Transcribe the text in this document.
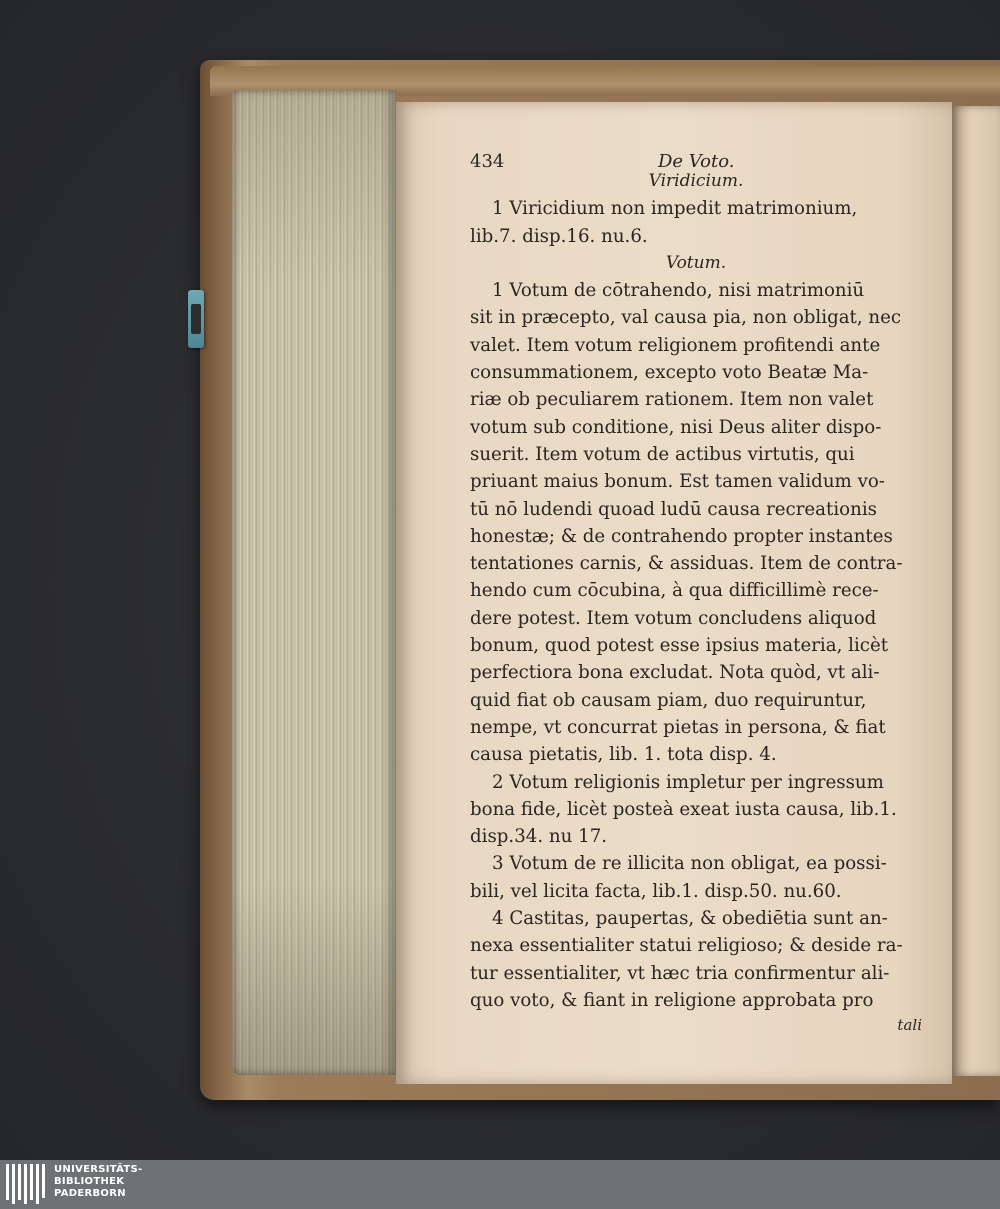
434	De Voto.
Viridicium.
1 Viricidium non impedit matrimonium,
lib.7. disp.16. nu.6.
Votum.
1 Votum de cōtrahendo, nisi matrimoniū
sit in præcepto, val causa pia, non obligat, nec
valet. Item votum religionem profitendi ante
consummationem, excepto voto Beatæ Ma-
riæ ob peculiarem rationem. Item non valet
votum sub conditione, nisi Deus aliter dispo-
suerit. Item votum de actibus virtutis, qui
priuant maius bonum. Est tamen validum vo-
tū nō ludendi quoad ludū causa recreationis
honestæ; & de contrahendo propter instantes
tentationes carnis, & assiduas. Item de contra-
hendo cum cōcubina, à qua difficillimè rece-
dere potest. Item votum concludens aliquod
bonum, quod potest esse ipsius materia, licèt
perfectiora bona excludat. Nota quòd, vt ali-
quid fiat ob causam piam, duo requiruntur,
nempe, vt concurrat pietas in persona, & fiat
causa pietatis, lib. 1. tota disp. 4.
2 Votum religionis impletur per ingressum
bona fide, licèt posteà exeat iusta causa, lib.1.
disp.34. nu 17.
3 Votum de re illicita non obligat, ea possi-
bili, vel licita facta, lib.1. disp.50. nu.60.
4 Castitas, paupertas, & obediētia sunt an-
nexa essentialiter statui religioso; & deside ra-
tur essentialiter, vt hæc tria confirmentur ali-
quo voto, & fiant in religione approbata pro
tali
UNIVERSITÄTS-
BIBLIOTHEK
PADERBORN
